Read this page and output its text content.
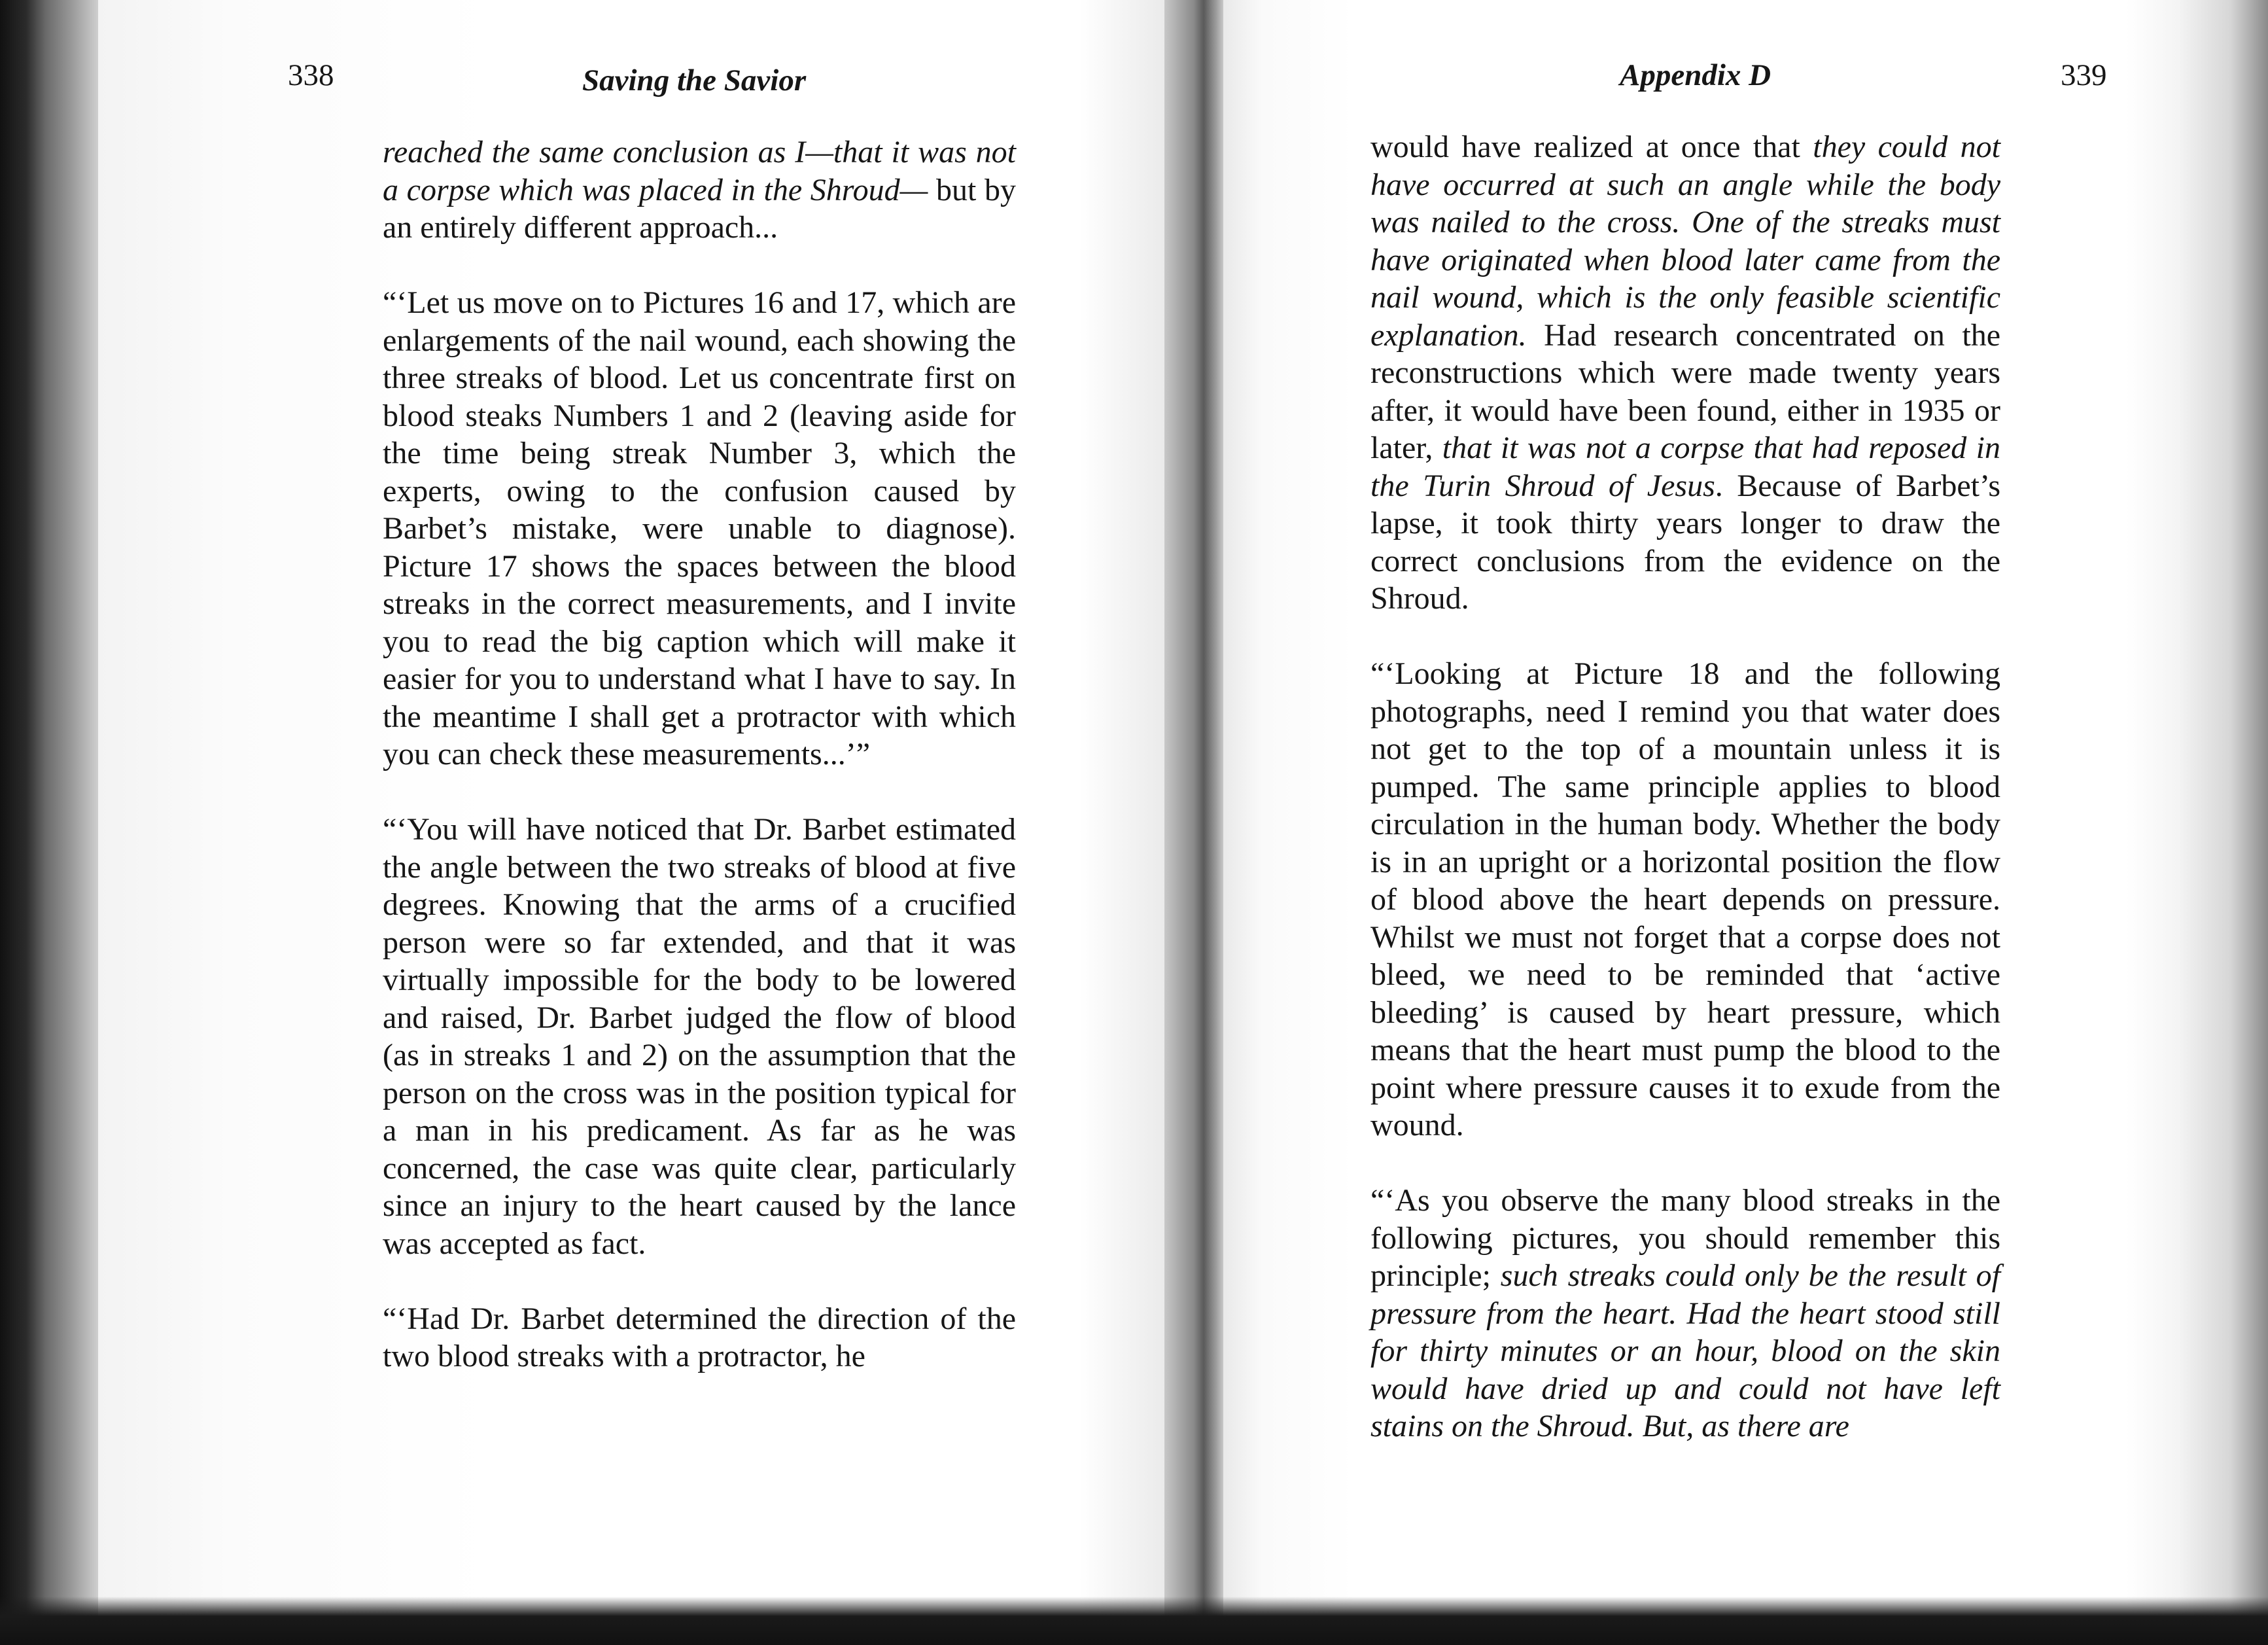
338	Saving the Savior	Appendix D	339

reached the same conclusion as I—that it was not a corpse which was placed in the Shroud— but by an entirely different approach...

“‘Let us move on to Pictures 16 and 17, which are enlargements of the nail wound, each showing the three streaks of blood. Let us concentrate first on blood steaks Numbers 1 and 2 (leaving aside for the time being streak Number 3, which the experts, owing to the confusion caused by Barbet’s mistake, were unable to diagnose). Picture 17 shows the spaces between the blood streaks in the correct measurements, and I invite you to read the big caption which will make it easier for you to understand what I have to say. In the meantime I shall get a protractor with which you can check these measurements...’”

“‘You will have noticed that Dr. Barbet estimated the angle between the two streaks of blood at five degrees. Knowing that the arms of a crucified person were so far extended, and that it was virtually impossible for the body to be lowered and raised, Dr. Barbet judged the flow of blood (as in streaks 1 and 2) on the assumption that the person on the cross was in the position typical for a man in his predicament. As far as he was concerned, the case was quite clear, particularly since an injury to the heart caused by the lance was accepted as fact.

“‘Had Dr. Barbet determined the direction of the two blood streaks with a protractor, he

would have realized at once that they could not have occurred at such an angle while the body was nailed to the cross. One of the streaks must have originated when blood later came from the nail wound, which is the only feasible scientific explanation. Had research concentrated on the reconstructions which were made twenty years after, it would have been found, either in 1935 or later, that it was not a corpse that had reposed in the Turin Shroud of Jesus. Because of Barbet’s lapse, it took thirty years longer to draw the correct conclusions from the evidence on the Shroud.

“‘Looking at Picture 18 and the following photographs, need I remind you that water does not get to the top of a mountain unless it is pumped. The same principle applies to blood circulation in the human body. Whether the body is in an upright or a horizontal position the flow of blood above the heart depends on pressure. Whilst we must not forget that a corpse does not bleed, we need to be reminded that ‘active bleeding’ is caused by heart pressure, which means that the heart must pump the blood to the point where pressure causes it to exude from the wound.

“‘As you observe the many blood streaks in the following pictures, you should remember this principle; such streaks could only be the result of pressure from the heart. Had the heart stood still for thirty minutes or an hour, blood on the skin would have dried up and could not have left stains on the Shroud. But, as there are
